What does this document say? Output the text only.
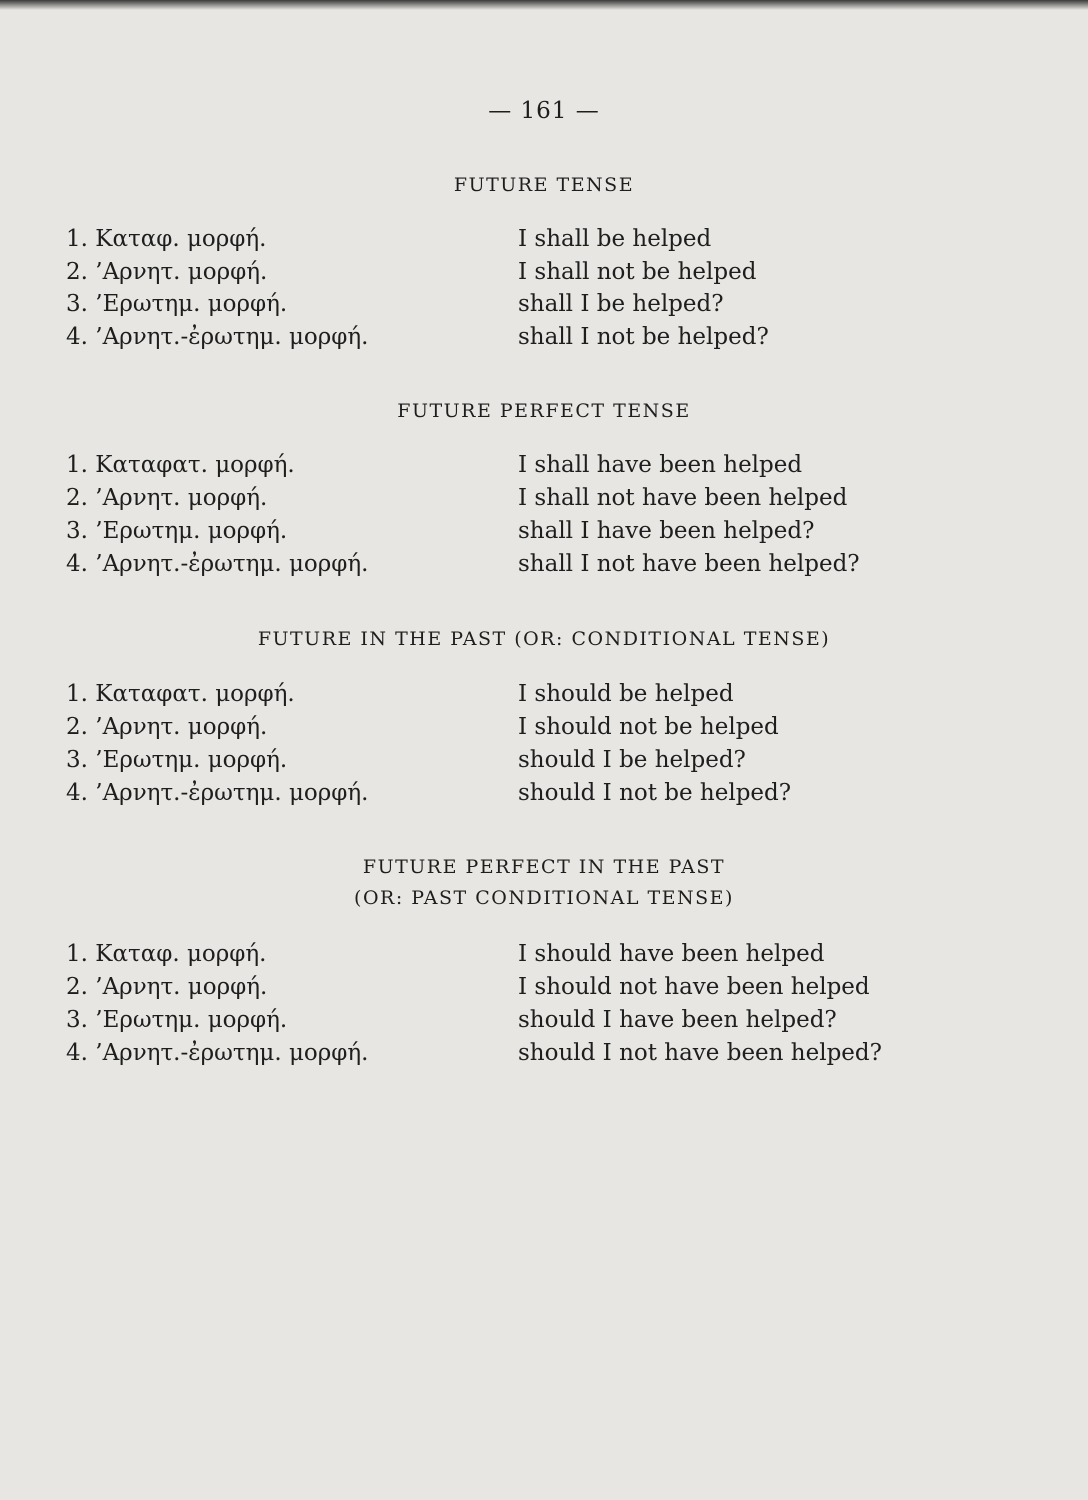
— 161 —
FUTURE TENSE
1. Καταφ. μορφή.	I shall be helped
2. ’Αρνητ. μορφή.	I shall not be helped
3. ’Ερωτημ. μορφή.	shall I be helped?
4. ’Αρνητ.-ἐρωτημ. μορφή.	shall I not be helped?
FUTURE PERFECT TENSE
1. Καταφατ. μορφή.	I shall have been helped
2. ’Αρνητ. μορφή.	I shall not have been helped
3. ’Ερωτημ. μορφή.	shall I have been helped?
4. ’Αρνητ.-ἐρωτημ. μορφή.	shall I not have been helped?
FUTURE IN THE PAST (OR: CONDITIONAL TENSE)
1. Καταφατ. μορφή.	I should be helped
2. ’Αρνητ. μορφή.	I should not be helped
3. ’Ερωτημ. μορφή.	should I be helped?
4. ’Αρνητ.-ἐρωτημ. μορφή.	should I not be helped?
FUTURE PERFECT IN THE PAST
(OR: PAST CONDITIONAL TENSE)
1. Καταφ. μορφή.	I should have been helped
2. ’Αρνητ. μορφή.	I should not have been helped
3. ’Ερωτημ. μορφή.	should I have been helped?
4. ’Αρνητ.-ἐρωτημ. μορφή.	should I not have been helped?
